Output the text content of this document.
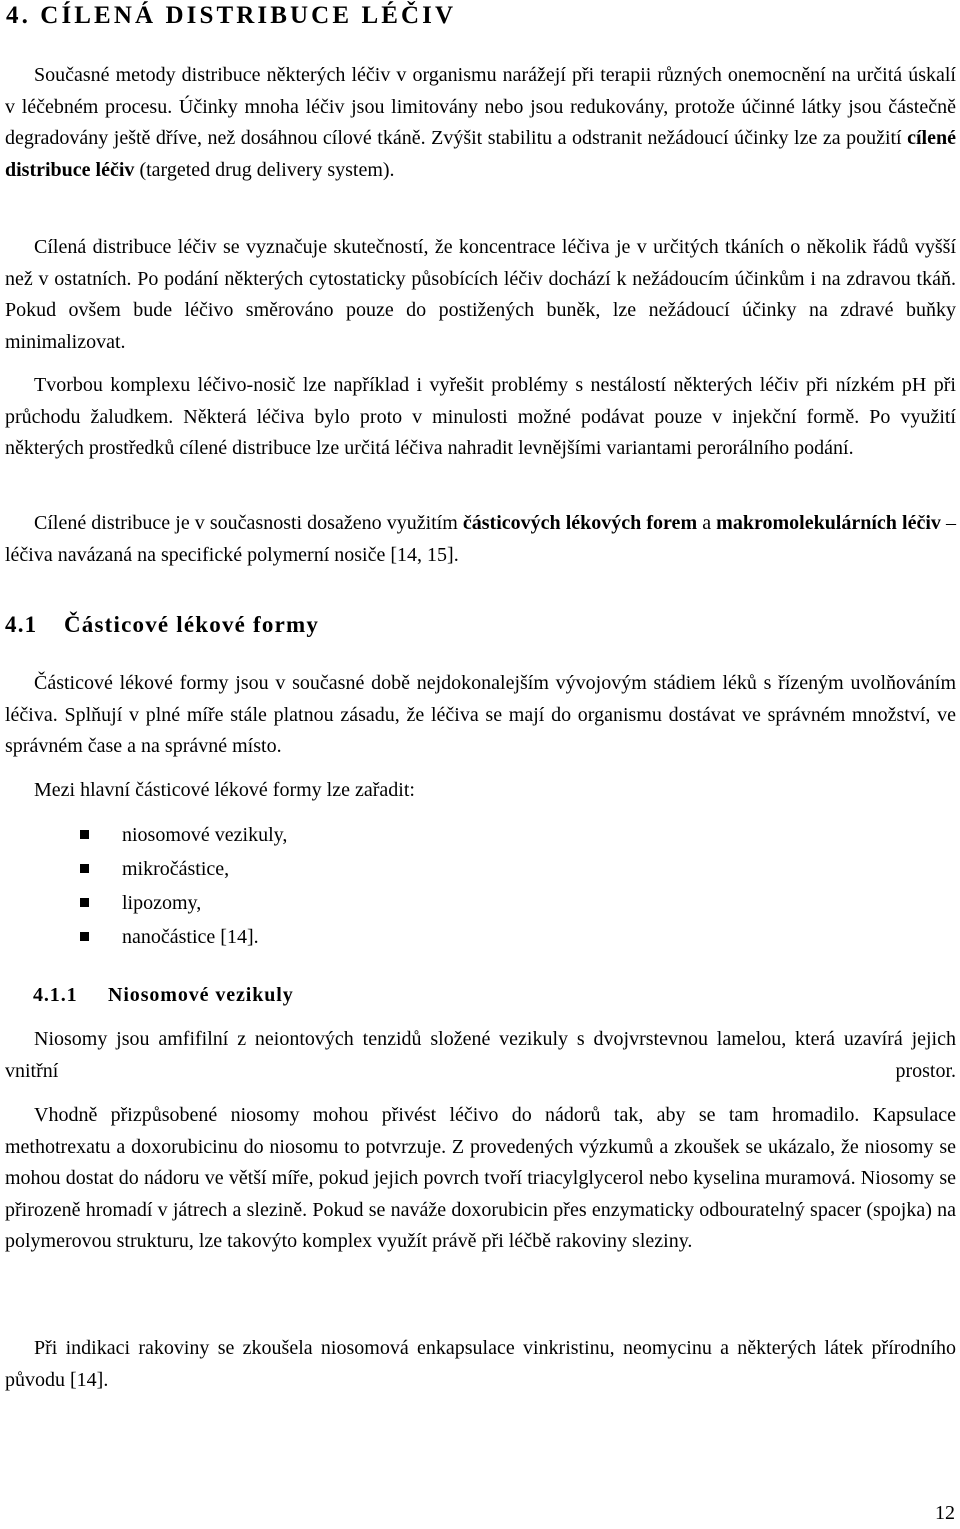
4. CÍLENÁ DISTRIBUCE LÉČIV

Současné metody distribuce některých léčiv v organismu narážejí při terapii různých onemocnění na určitá úskalí v léčebném procesu. Účinky mnoha léčiv jsou limitovány nebo jsou redukovány, protože účinné látky jsou částečně degradovány ještě dříve, než dosáhnou cílové tkáně. Zvýšit stabilitu a odstranit nežádoucí účinky lze za použití cílené distribuce léčiv (targeted drug delivery system).

Cílená distribuce léčiv se vyznačuje skutečností, že koncentrace léčiva je v určitých tkáních o několik řádů vyšší než v ostatních. Po podání některých cytostaticky působících léčiv dochází k nežádoucím účinkům i na zdravou tkáň. Pokud ovšem bude léčivo směrováno pouze do postižených buněk, lze nežádoucí účinky na zdravé buňky minimalizovat.

Tvorbou komplexu léčivo-nosič lze například i vyřešit problémy s nestálostí některých léčiv při nízkém pH při průchodu žaludkem. Některá léčiva bylo proto v minulosti možné podávat pouze v injekční formě. Po využití některých prostředků cílené distribuce lze určitá léčiva nahradit levnějšími variantami perorálního podání.

Cílené distribuce je v současnosti dosaženo využitím částicových lékových forem a makromolekulárních léčiv – léčiva navázaná na specifické polymerní nosiče [14, 15].

4.1 Částicové lékové formy

Částicové lékové formy jsou v současné době nejdokonalejším vývojovým stádiem léků s řízeným uvolňováním léčiva. Splňují v plné míře stále platnou zásadu, že léčiva se mají do organismu dostávat ve správném množství, ve správném čase a na správné místo.

Mezi hlavní částicové lékové formy lze zařadit:

niosomové vezikuly,
mikročástice,
lipozomy,
nanočástice [14].
4.1.1 Niosomové vezikuly

Niosomy jsou amfifilní z neiontových tenzidů složené vezikuly s dvojvrstevnou lamelou, která uzavírá jejich vnitřní prostor.

Vhodně přizpůsobené niosomy mohou přivést léčivo do nádorů tak, aby se tam hromadilo. Kapsulace methotrexatu a doxorubicinu do niosomu to potvrzuje. Z provedených výzkumů a zkoušek se ukázalo, že niosomy se mohou dostat do nádoru ve větší míře, pokud jejich povrch tvoří triacylglycerol nebo kyselina muramová. Niosomy se přirozeně hromadí v játrech a slezině. Pokud se naváže doxorubicin přes enzymaticky odbouratelný spacer (spojka) na polymerovou strukturu, lze takovýto komplex využít právě při léčbě rakoviny sleziny.

Při indikaci rakoviny se zkoušela niosomová enkapsulace vinkristinu, neomycinu a některých látek přírodního původu [14].

12
